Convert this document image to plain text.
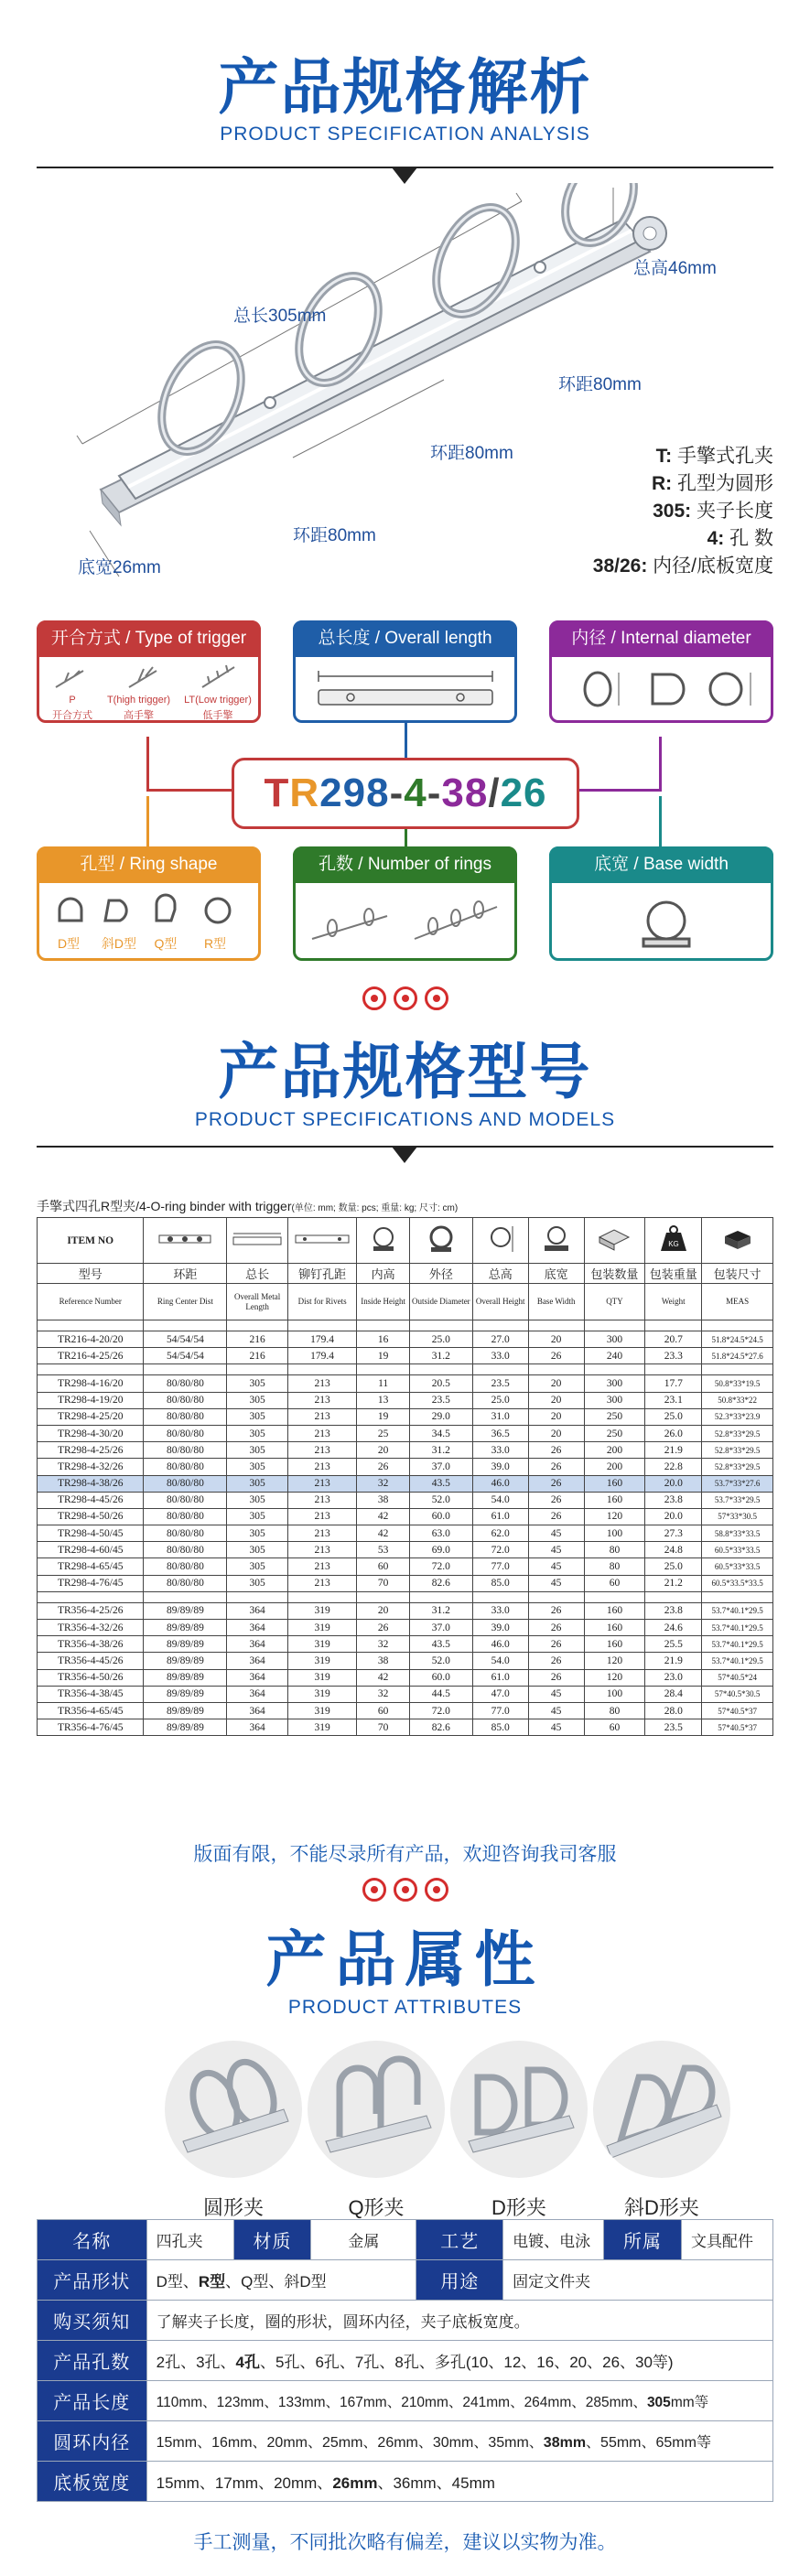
产品规格解析
PRODUCT SPECIFICATION ANALYSIS
总长305mm
总高46mm
环距80mm
环距80mm
环距80mm
底宽26mm
T: 手擎式孔夹
R: 孔型为圆形
305: 夹子长度
4: 孔 数
38/26: 内径/底板宽度
开合方式 / Type of trigger
P
开合方式
T(high trigger)
高手擎
LT(Low trigger)
低手擎
总长度 / Overall length	内径 / Internal diameter
TR298-4-38/26
孔型 / Ring shape
D型	斜D型	Q型	R型
孔数 / Number of rings	底宽 / Base width
产品规格型号
PRODUCT SPECIFICATIONS AND MODELS
手擎式四孔R型夹/4-O-ring binder with trigger(单位: mm; 数量: pcs; 重量: kg; 尺寸: cm)
ITEM NO									KG

型号	环距	总长	铆钉孔距	内高	外径	总高	底宽	包装数量	包装重量	包装尺寸
Reference Number	Ring Center Dist	Overall Metal Length	Dist for Rivets	Inside Height	Outside Diameter	Overall Height	Base Width	QTY	Weight	MEAS

TR216-4-20/20	54/54/54	216	179.4	16	25.0	27.0	20	300	20.7	51.8*24.5*24.5
TR216-4-25/26	54/54/54	216	179.4	19	31.2	33.0	26	240	23.3	51.8*24.5*27.6

TR298-4-16/20	80/80/80	305	213	11	20.5	23.5	20	300	17.7	50.8*33*19.5
TR298-4-19/20	80/80/80	305	213	13	23.5	25.0	20	300	23.1	50.8*33*22
TR298-4-25/20	80/80/80	305	213	19	29.0	31.0	20	250	25.0	52.3*33*23.9
TR298-4-30/20	80/80/80	305	213	25	34.5	36.5	20	250	26.0	52.8*33*29.5
TR298-4-25/26	80/80/80	305	213	20	31.2	33.0	26	200	21.9	52.8*33*29.5
TR298-4-32/26	80/80/80	305	213	26	37.0	39.0	26	200	22.8	52.8*33*29.5
TR298-4-38/26	80/80/80	305	213	32	43.5	46.0	26	160	20.0	53.7*33*27.6
TR298-4-45/26	80/80/80	305	213	38	52.0	54.0	26	160	23.8	53.7*33*29.5
TR298-4-50/26	80/80/80	305	213	42	60.0	61.0	26	120	20.0	57*33*30.5
TR298-4-50/45	80/80/80	305	213	42	63.0	62.0	45	100	27.3	58.8*33*33.5
TR298-4-60/45	80/80/80	305	213	53	69.0	72.0	45	80	24.8	60.5*33*33.5
TR298-4-65/45	80/80/80	305	213	60	72.0	77.0	45	80	25.0	60.5*33*33.5
TR298-4-76/45	80/80/80	305	213	70	82.6	85.0	45	60	21.2	60.5*33.5*33.5

TR356-4-25/26	89/89/89	364	319	20	31.2	33.0	26	160	23.8	53.7*40.1*29.5
TR356-4-32/26	89/89/89	364	319	26	37.0	39.0	26	160	24.6	53.7*40.1*29.5
TR356-4-38/26	89/89/89	364	319	32	43.5	46.0	26	160	25.5	53.7*40.1*29.5
TR356-4-45/26	89/89/89	364	319	38	52.0	54.0	26	120	21.9	53.7*40.1*29.5
TR356-4-50/26	89/89/89	364	319	42	60.0	61.0	26	120	23.0	57*40.5*24
TR356-4-38/45	89/89/89	364	319	32	44.5	47.0	45	100	28.4	57*40.5*30.5
TR356-4-65/45	89/89/89	364	319	60	72.0	77.0	45	80	28.0	57*40.5*37
TR356-4-76/45	89/89/89	364	319	70	82.6	85.0	45	60	23.5	57*40.5*37
版面有限，不能尽录所有产品，欢迎咨询我司客服
产品属性
PRODUCT ATTRIBUTES
圆形夹	Q形夹	D形夹	斜D形夹
名称	四孔夹	材质	金属	工艺	电镀、电泳	所属	文具配件
产品形状	D型、R型、Q型、斜D型			用途	固定文件夹		
购买须知	了解夹子长度，圈的形状，圆环内径，夹子底板宽度。						
产品孔数	2孔、3孔、4孔、5孔、6孔、7孔、8孔、多孔(10、12、16、20、26、30等)						
产品长度	110mm、123mm、133mm、167mm、210mm、241mm、264mm、285mm、305mm等						
圆环内径	15mm、16mm、20mm、25mm、26mm、30mm、35mm、38mm、55mm、65mm等						
底板宽度	15mm、17mm、20mm、26mm、36mm、45mm						
手工测量，不同批次略有偏差，建议以实物为准。
